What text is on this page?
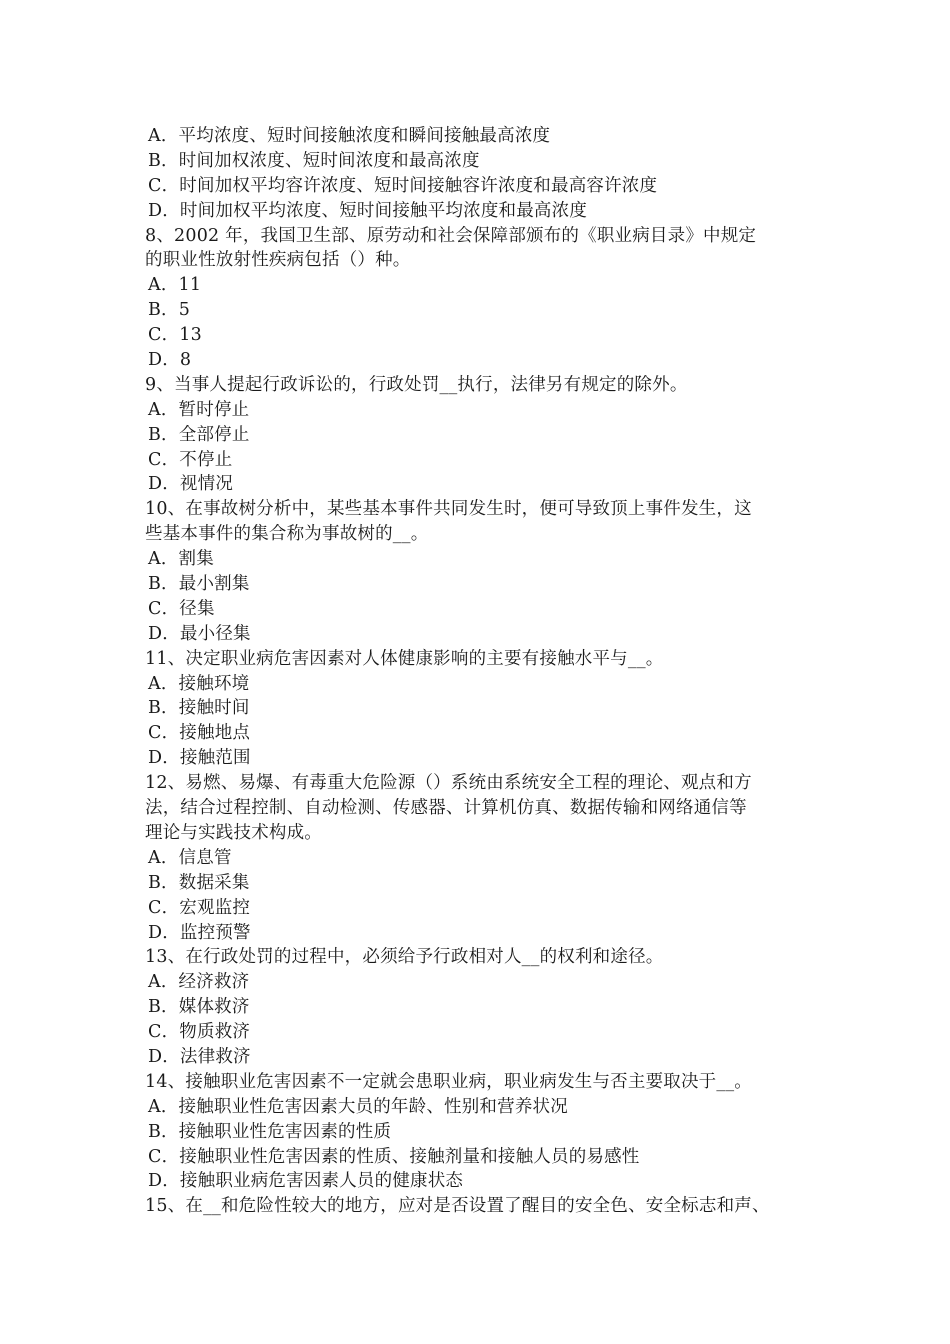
A．平均浓度、短时间接触浓度和瞬间接触最高浓度
B．时间加权浓度、短时间浓度和最高浓度
C．时间加权平均容许浓度、短时间接触容许浓度和最高容许浓度
D．时间加权平均浓度、短时间接触平均浓度和最高浓度
8、2002 年，我国卫生部、原劳动和社会保障部颁布的《职业病目录》中规定
的职业性放射性疾病包括（）种。
A．11
B．5
C．13
D．8
9、当事人提起行政诉讼的，行政处罚__执行，法律另有规定的除外。
A．暂时停止
B．全部停止
C．不停止
D．视情况
10、在事故树分析中，某些基本事件共同发生时，便可导致顶上事件发生，这
些基本事件的集合称为事故树的__。
A．割集
B．最小割集
C．径集
D．最小径集
11、决定职业病危害因素对人体健康影响的主要有接触水平与__。
A．接触环境
B．接触时间
C．接触地点
D．接触范围
12、易燃、易爆、有毒重大危险源（）系统由系统安全工程的理论、观点和方
法，结合过程控制、自动检测、传感器、计算机仿真、数据传输和网络通信等
理论与实践技术构成。
A．信息管
B．数据采集
C．宏观监控
D．监控预警
13、在行政处罚的过程中，必须给予行政相对人__的权利和途径。
A．经济救济
B．媒体救济
C．物质救济
D．法律救济
14、接触职业危害因素不一定就会患职业病，职业病发生与否主要取决于__。
A．接触职业性危害因素大员的年龄、性别和营养状况
B．接触职业性危害因素的性质
C．接触职业性危害因素的性质、接触剂量和接触人员的易感性
D．接触职业病危害因素人员的健康状态
15、在__和危险性较大的地方，应对是否设置了醒目的安全色、安全标志和声、
